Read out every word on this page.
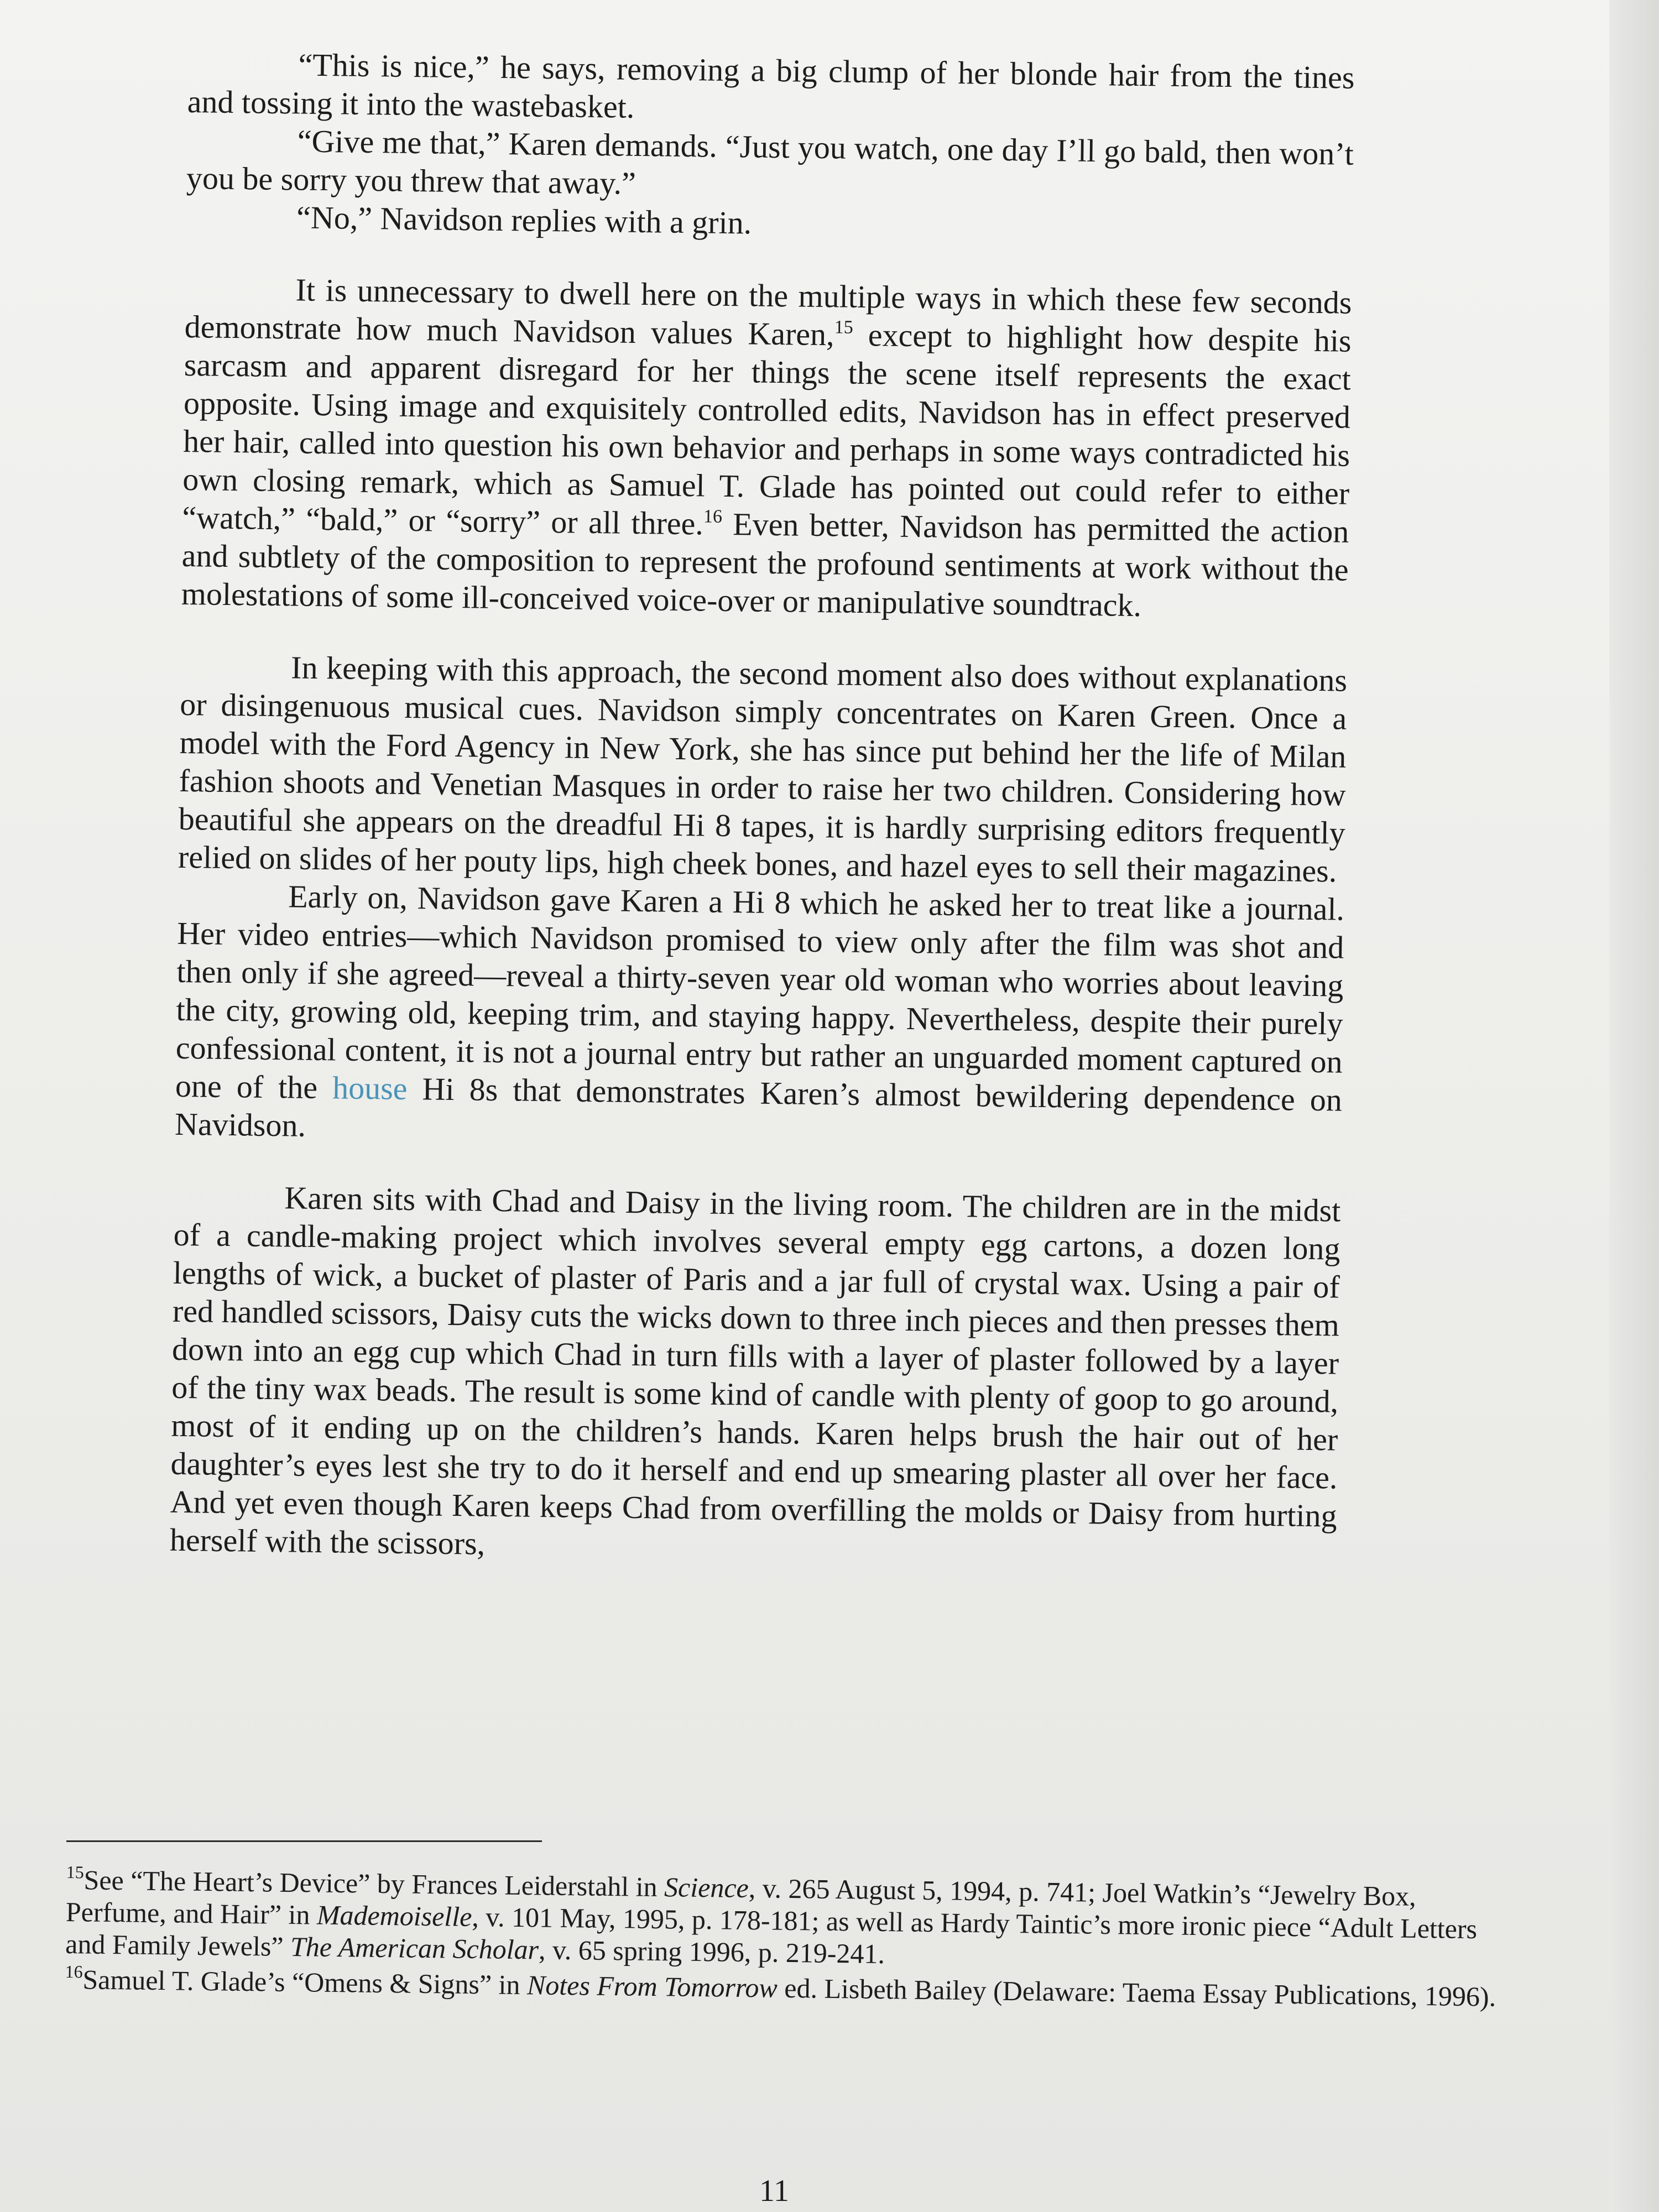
“This is nice,” he says, removing a big clump of her blonde hair from the tines and tossing it into the wastebasket.

“Give me that,” Karen demands. “Just you watch, one day I’ll go bald, then won’t you be sorry you threw that away.”

“No,” Navidson replies with a grin.

It is unnecessary to dwell here on the multiple ways in which these few seconds demonstrate how much Navidson values Karen,$^{15}$ except to highlight how despite his sarcasm and apparent disregard for her things the scene itself represents the exact opposite. Using image and exquisitely controlled edits, Navidson has in effect preserved her hair, called into question his own behavior and perhaps in some ways contradicted his own closing remark, which as Samuel T. Glade has pointed out could refer to either “watch,” “bald,” or “sorry” or all three.$^{16}$ Even better, Navidson has permitted the action and subtlety of the composition to represent the profound sentiments at work without the molestations of some ill-conceived voice-over or manipulative soundtrack.

In keeping with this approach, the second moment also does without explanations or disingenuous musical cues. Navidson simply concentrates on Karen Green. Once a model with the Ford Agency in New York, she has since put behind her the life of Milan fashion shoots and Venetian Masques in order to raise her two children. Considering how beautiful she appears on the dreadful Hi 8 tapes, it is hardly surprising editors frequently relied on slides of her pouty lips, high cheek bones, and hazel eyes to sell their magazines.

Early on, Navidson gave Karen a Hi 8 which he asked her to treat like a journal. Her video entries—which Navidson promised to view only after the film was shot and then only if she agreed—reveal a thirty-seven year old woman who worries about leaving the city, growing old, keeping trim, and staying happy. Nevertheless, despite their purely confessional content, it is not a journal entry but rather an unguarded moment captured on one of the house Hi 8s that demonstrates Karen’s almost bewildering dependence on Navidson.

Karen sits with Chad and Daisy in the living room. The children are in the midst of a candle-making project which involves several empty egg cartons, a dozen long lengths of wick, a bucket of plaster of Paris and a jar full of crystal wax. Using a pair of red handled scissors, Daisy cuts the wicks down to three inch pieces and then presses them down into an egg cup which Chad in turn fills with a layer of plaster followed by a layer of the tiny wax beads. The result is some kind of candle with plenty of goop to go around, most of it ending up on the children’s hands. Karen helps brush the hair out of her daughter’s eyes lest she try to do it herself and end up smearing plaster all over her face. And yet even though Karen keeps Chad from overfilling the molds or Daisy from hurting herself with the scissors,

$^{15}$See “The Heart’s Device” by Frances Leiderstahl in Science, v. 265 August 5, 1994, p. 741; Joel Watkin’s “Jewelry Box, Perfume, and Hair” in Mademoiselle, v. 101 May, 1995, p. 178-181; as well as Hardy Taintic’s more ironic piece “Adult Letters and Family Jewels” The American Scholar, v. 65 spring 1996, p. 219-241.

$^{16}$Samuel T. Glade’s “Omens & Signs” in Notes From Tomorrow ed. Lisbeth Bailey (Delaware: Taema Essay Publications, 1996).

11
